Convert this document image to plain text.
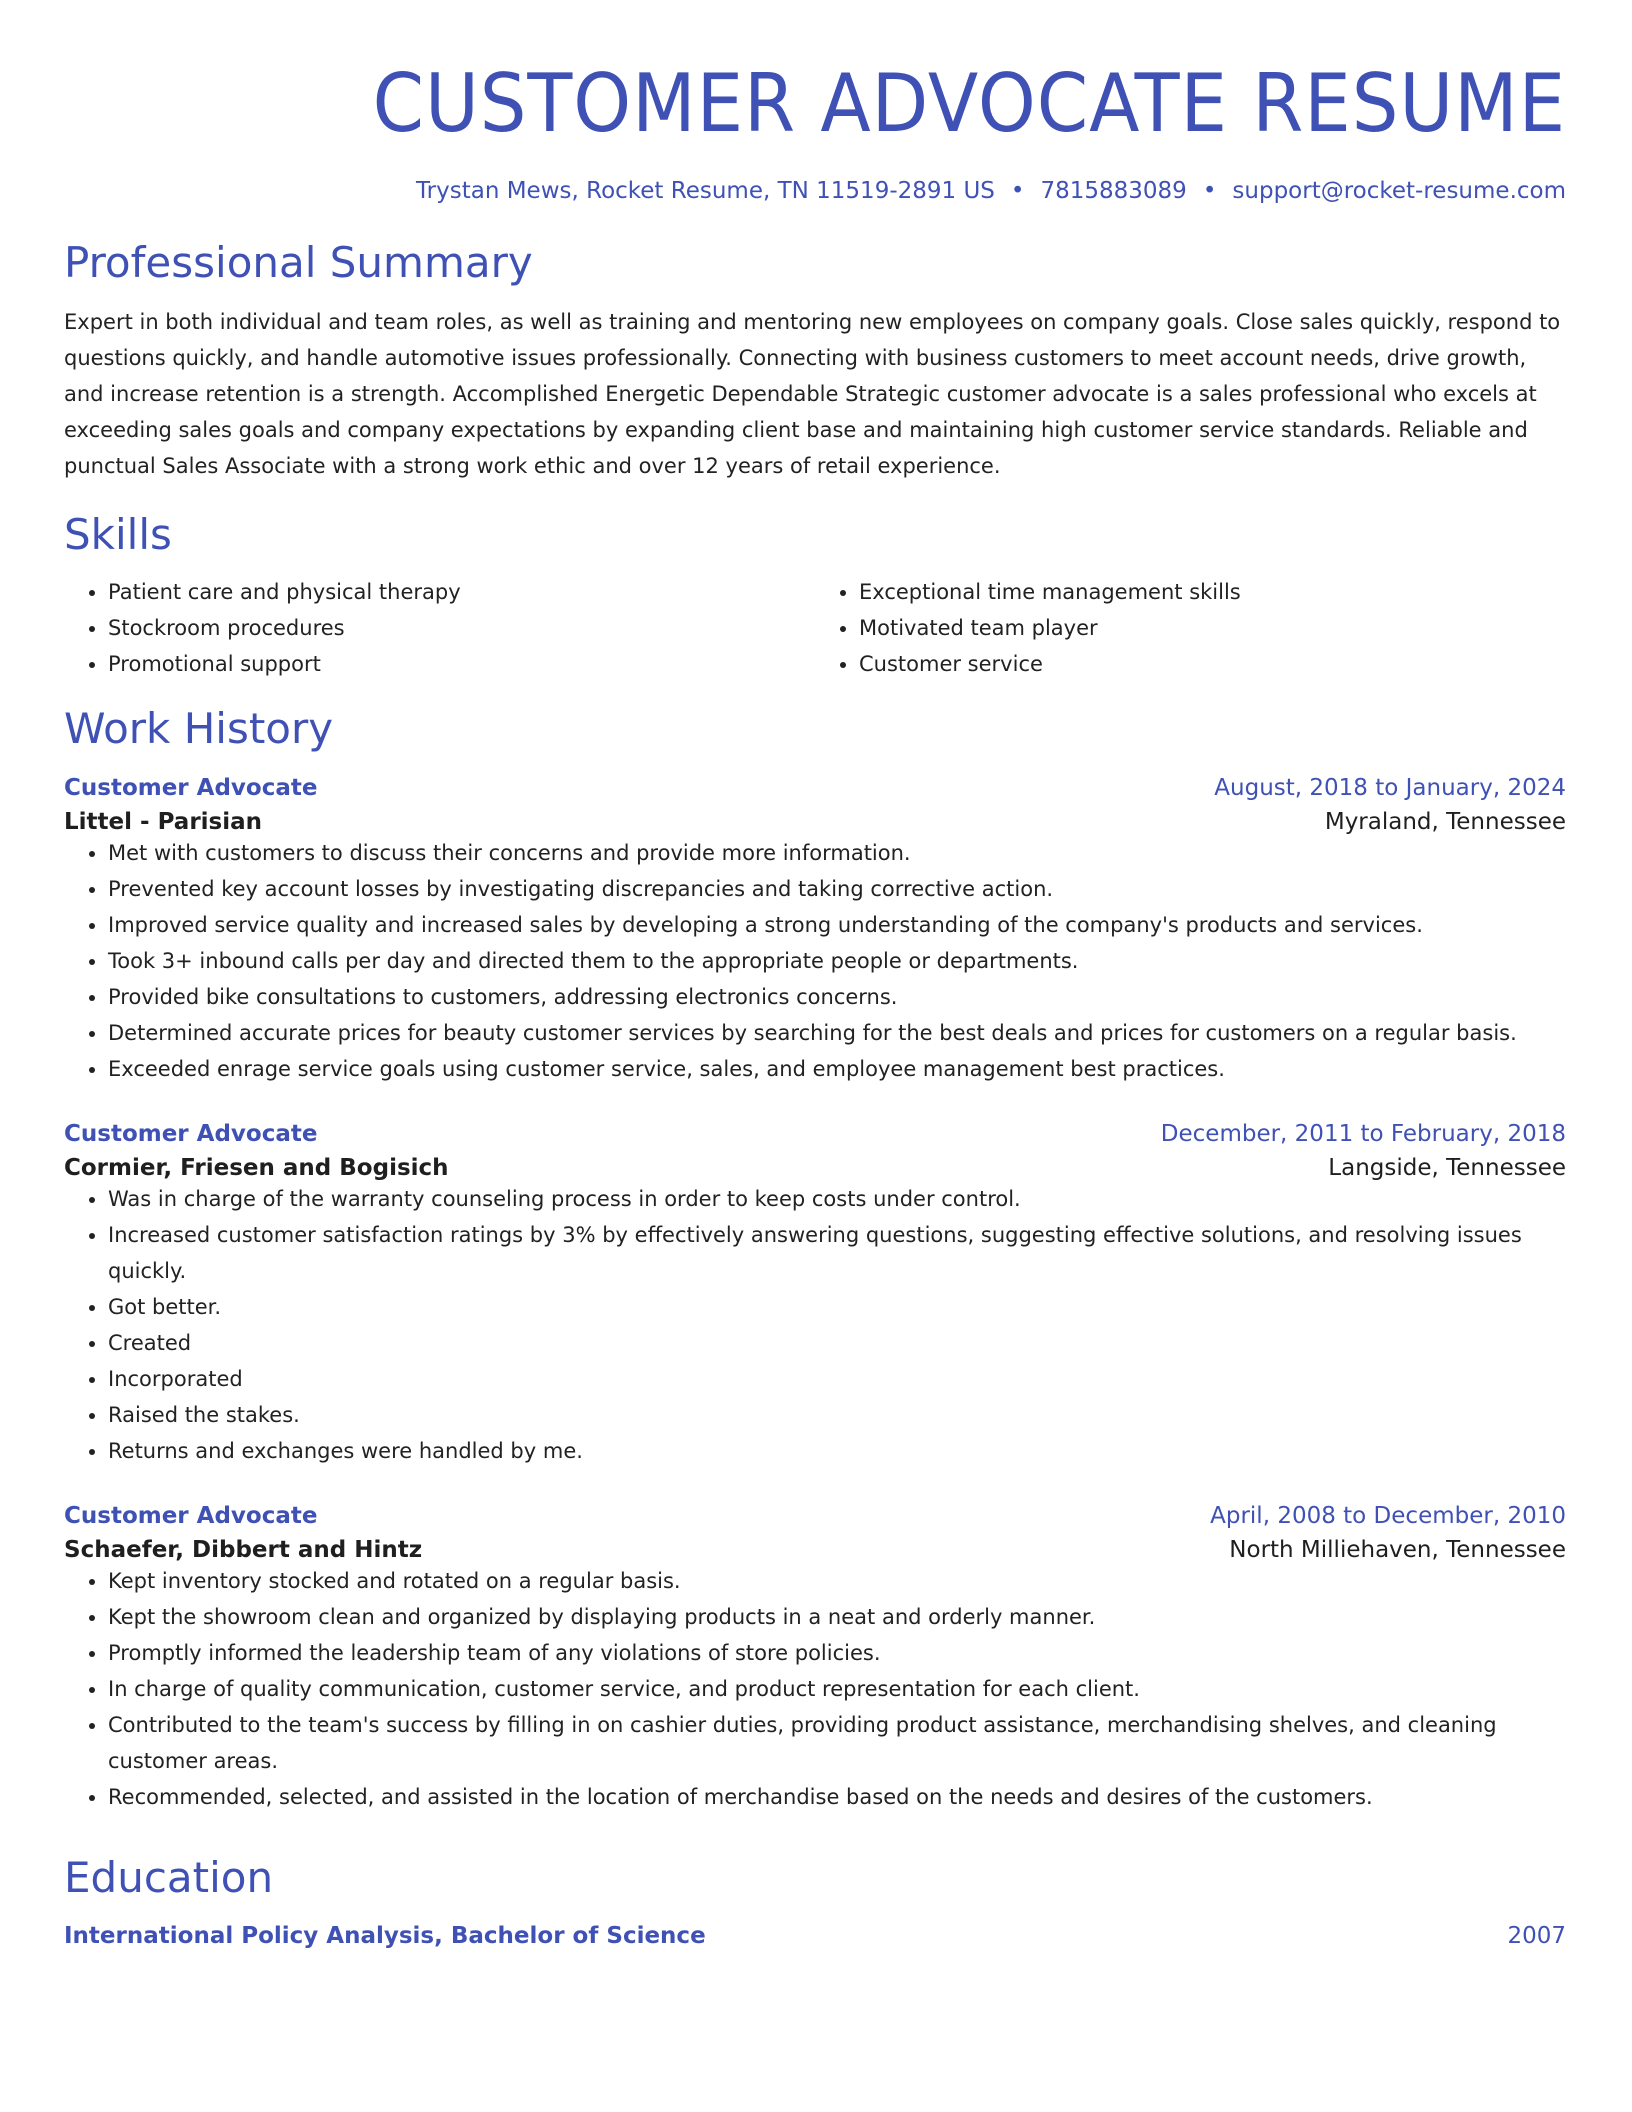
CUSTOMER ADVOCATE RESUME
Trystan Mews, Rocket Resume, TN 11519-2891 US • 7815883089 • support@rocket-resume.com
Professional Summary

Expert in both individual and team roles, as well as training and mentoring new employees on company goals. Close sales quickly, respond to questions quickly, and handle automotive issues professionally. Connecting with business customers to meet account needs, drive growth, and increase retention is a strength. Accomplished Energetic Dependable Strategic customer advocate is a sales professional who excels at exceeding sales goals and company expectations by expanding client base and maintaining high customer service standards. Reliable and punctual Sales Associate with a strong work ethic and over 12 years of retail experience.

Skills
• Patient care and physical therapy
• Stockroom procedures
• Promotional support
• Exceptional time management skills
• Motivated team player
• Customer service
Work History
Customer Advocate	August, 2018 to January, 2024
Littel - Parisian	Myraland, Tennessee
• Met with customers to discuss their concerns and provide more information.
• Prevented key account losses by investigating discrepancies and taking corrective action.
• Improved service quality and increased sales by developing a strong understanding of the company's products and services.
• Took 3+ inbound calls per day and directed them to the appropriate people or departments.
• Provided bike consultations to customers, addressing electronics concerns.
• Determined accurate prices for beauty customer services by searching for the best deals and prices for customers on a regular basis.
• Exceeded enrage service goals using customer service, sales, and employee management best practices.
Customer Advocate	December, 2011 to February, 2018
Cormier, Friesen and Bogisich	Langside, Tennessee
• Was in charge of the warranty counseling process in order to keep costs under control.
• Increased customer satisfaction ratings by 3% by effectively answering questions, suggesting effective solutions, and resolving issues quickly.
• Got better.
• Created
• Incorporated
• Raised the stakes.
• Returns and exchanges were handled by me.
Customer Advocate	April, 2008 to December, 2010
Schaefer, Dibbert and Hintz	North Milliehaven, Tennessee
• Kept inventory stocked and rotated on a regular basis.
• Kept the showroom clean and organized by displaying products in a neat and orderly manner.
• Promptly informed the leadership team of any violations of store policies.
• In charge of quality communication, customer service, and product representation for each client.
• Contributed to the team's success by filling in on cashier duties, providing product assistance, merchandising shelves, and cleaning customer areas.
• Recommended, selected, and assisted in the location of merchandise based on the needs and desires of the customers.
Education
International Policy Analysis, Bachelor of Science	2007
